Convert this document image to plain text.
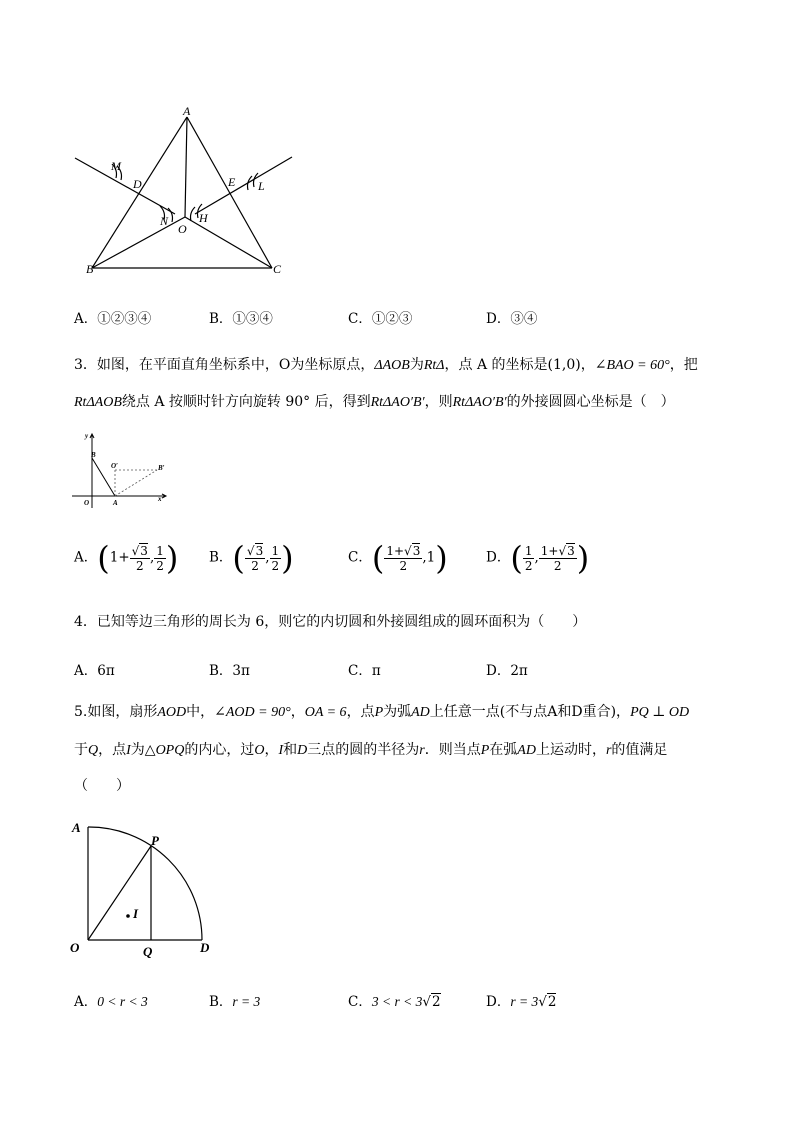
A
M
D	E L
N	H
O
B	C
A．①②③④	B．①③④	C．①②③	D．③④
3．如图，在平面直角坐标系中，O为坐标原点，ΔAOB为RtΔ，点 A 的坐标是(1,0)，∠BAO = 60°，把
RtΔAOB绕点 A 按顺时针方向旋转 90° 后，得到RtΔAO′B′，则RtΔAO′B′的外接圆圆心坐标是（　）
y
B
O′	B′
O	A	x
A．($1+ \frac{√3}{2}$ , $\frac{1}{2}$ ) B．( $\frac{√3}{2}$ , $\frac{1}{2}$ )	C．( $\frac{1+√3}{2} ,1$)	D．( $\frac{1}{2}$ , $\frac{1+√3}{2}$ )
4．已知等边三角形的周长为 6，则它的内切圆和外接圆组成的圆环面积为（　　）
A．6π	B．3π	C．π	D．2π
5.如图，扇形AOD中，∠AOD = 90°，OA = 6，点P为弧AD上任意一点(不与点A和D重合)，PQ ⊥ OD
于Q，点I为△OPQ的内心，过O，I和D三点的圆的半径为r．则当点P在弧AD上运动时，r的值满足
（　　）
A
P
I
O	Q	D
A．0 < r < 3	B．r = 3	C．3 < r < 3√2	D．r = 3√2
